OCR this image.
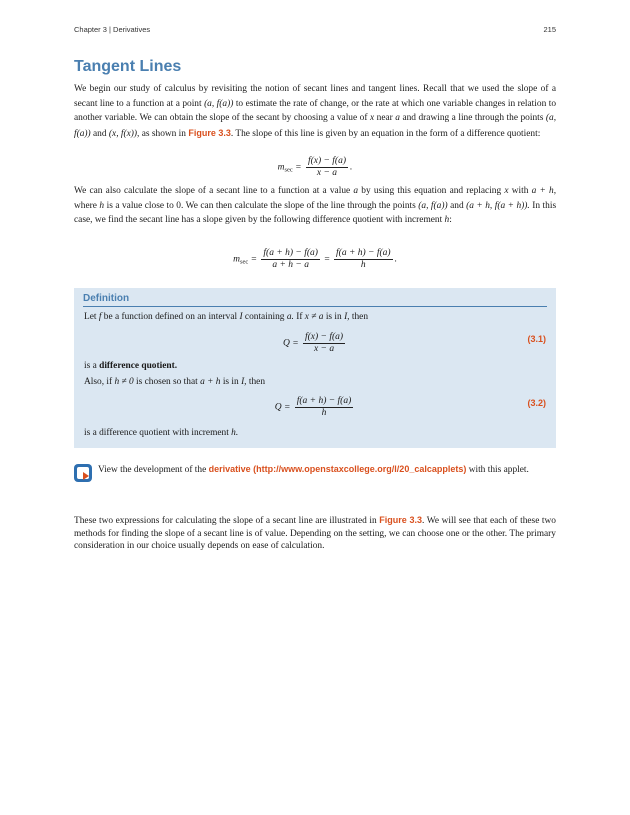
Chapter 3 | Derivatives	215
Tangent Lines

We begin our study of calculus by revisiting the notion of secant lines and tangent lines. Recall that we used the slope of a secant line to a function at a point (a, f(a)) to estimate the rate of change, or the rate at which one variable changes in relation to another variable. We can obtain the slope of the secant by choosing a value of x near a and drawing a line through the points (a, f(a)) and (x, f(x)), as shown in Figure 3.3. The slope of this line is given by an equation in the form of a difference quotient:

$m_{sec} = \frac{f(x) - f(a)}{x - a}$ .

We can also calculate the slope of a secant line to a function at a value a by using this equation and replacing x with a + h, where h is a value close to 0. We can then calculate the slope of the line through the points (a, f(a)) and (a + h, f(a + h)). In this case, we find the secant line has a slope given by the following difference quotient with increment h:

$m_{sec} = \frac{f(a + h) - f(a)}{a + h - a} = \frac{f(a + h) - f(a)}{h}$ .
Definition
Let f be a function defined on an interval I containing a. If x ≠ a is in I, then
$Q = \frac{f(x) - f(a)}{x - a}$	(3.1)
is a difference quotient.
Also, if h ≠ 0 is chosen so that a + h is in I, then
$Q = \frac{f(a + h) - f(a)}{h}$	(3.2)
is a difference quotient with increment h.

View the development of the derivative (http://www.openstaxcollege.org/l/20_calcapplets) with this applet.

These two expressions for calculating the slope of a secant line are illustrated in Figure 3.3. We will see that each of these two methods for finding the slope of a secant line is of value. Depending on the setting, we can choose one or the other. The primary consideration in our choice usually depends on ease of calculation.
